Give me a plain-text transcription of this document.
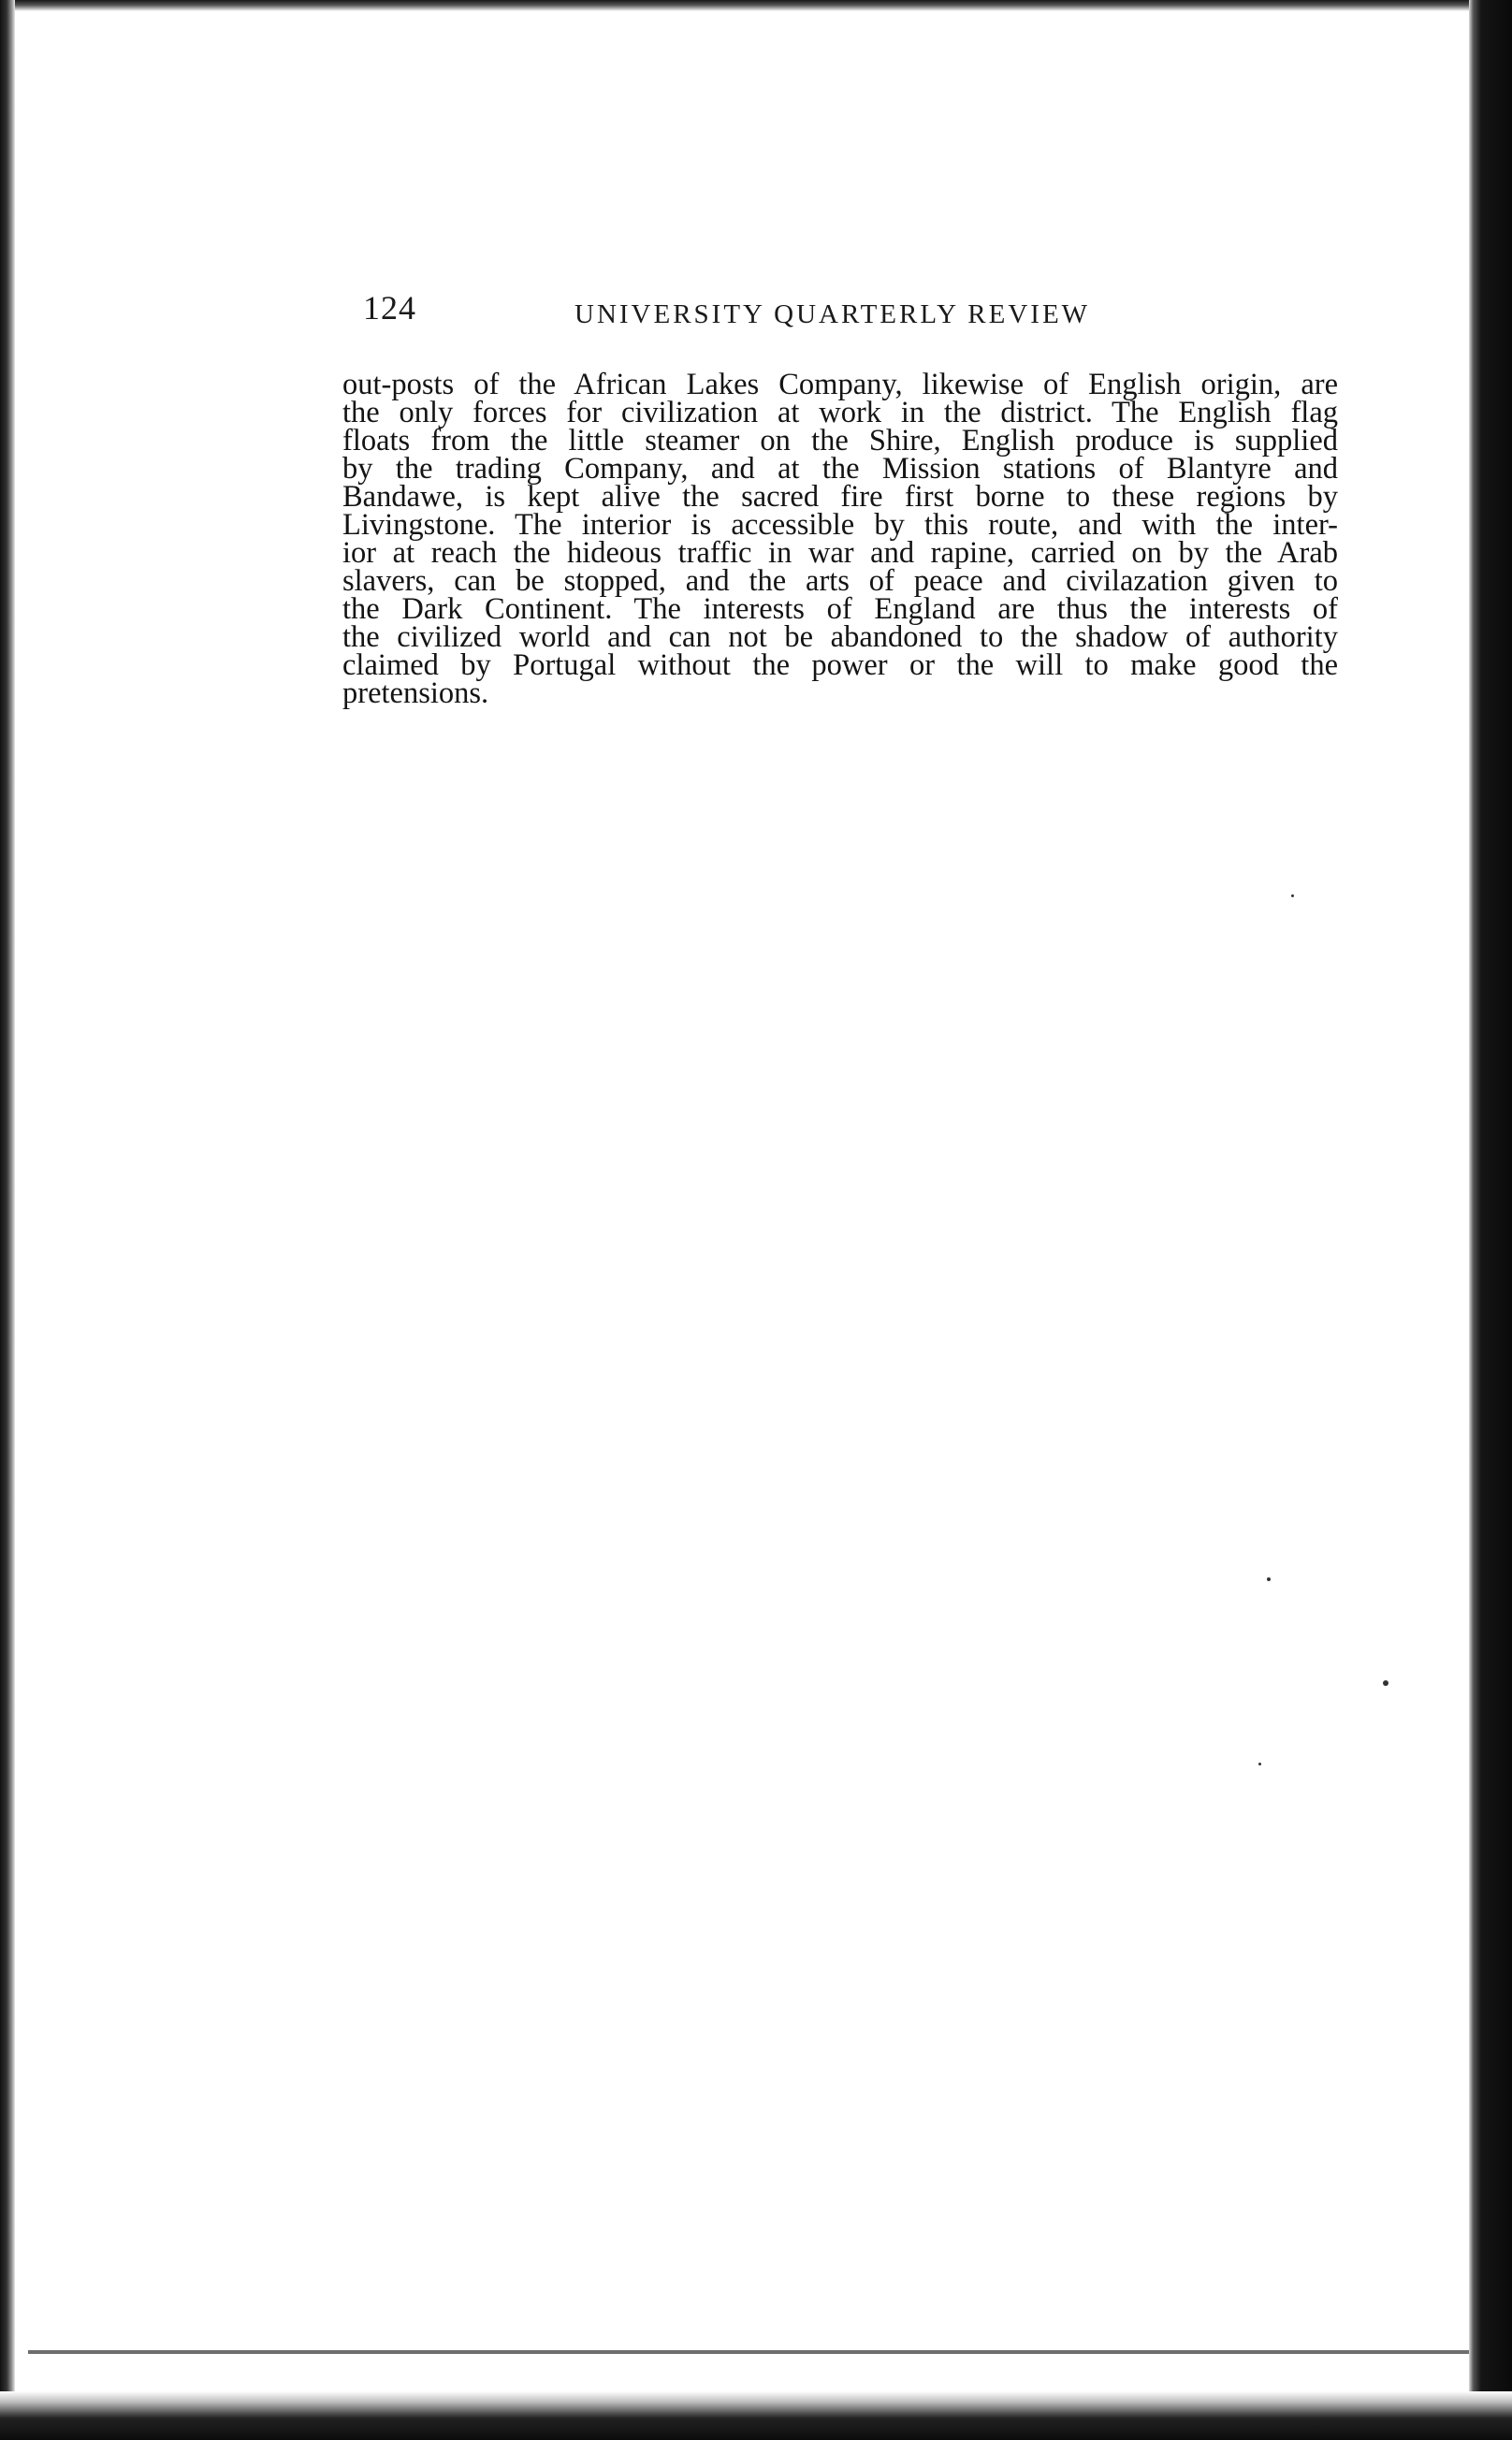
124	UNIVERSITY QUARTERLY REVIEW
out-posts of the African Lakes Company, likewise of English origin, are
the only forces for civilization at work in the district. The English flag
floats from the little steamer on the Shire, English produce is supplied
by the trading Company, and at the Mission stations of Blantyre and
Bandawe, is kept alive the sacred fire first borne to these regions by
Livingstone. The interior is accessible by this route, and with the inter-
ior at reach the hideous traffic in war and rapine, carried on by the Arab
slavers, can be stopped, and the arts of peace and civilazation given to
the Dark Continent. The interests of England are thus the interests of
the civilized world and can not be abandoned to the shadow of authority
claimed by Portugal without the power or the will to make good the
pretensions.
